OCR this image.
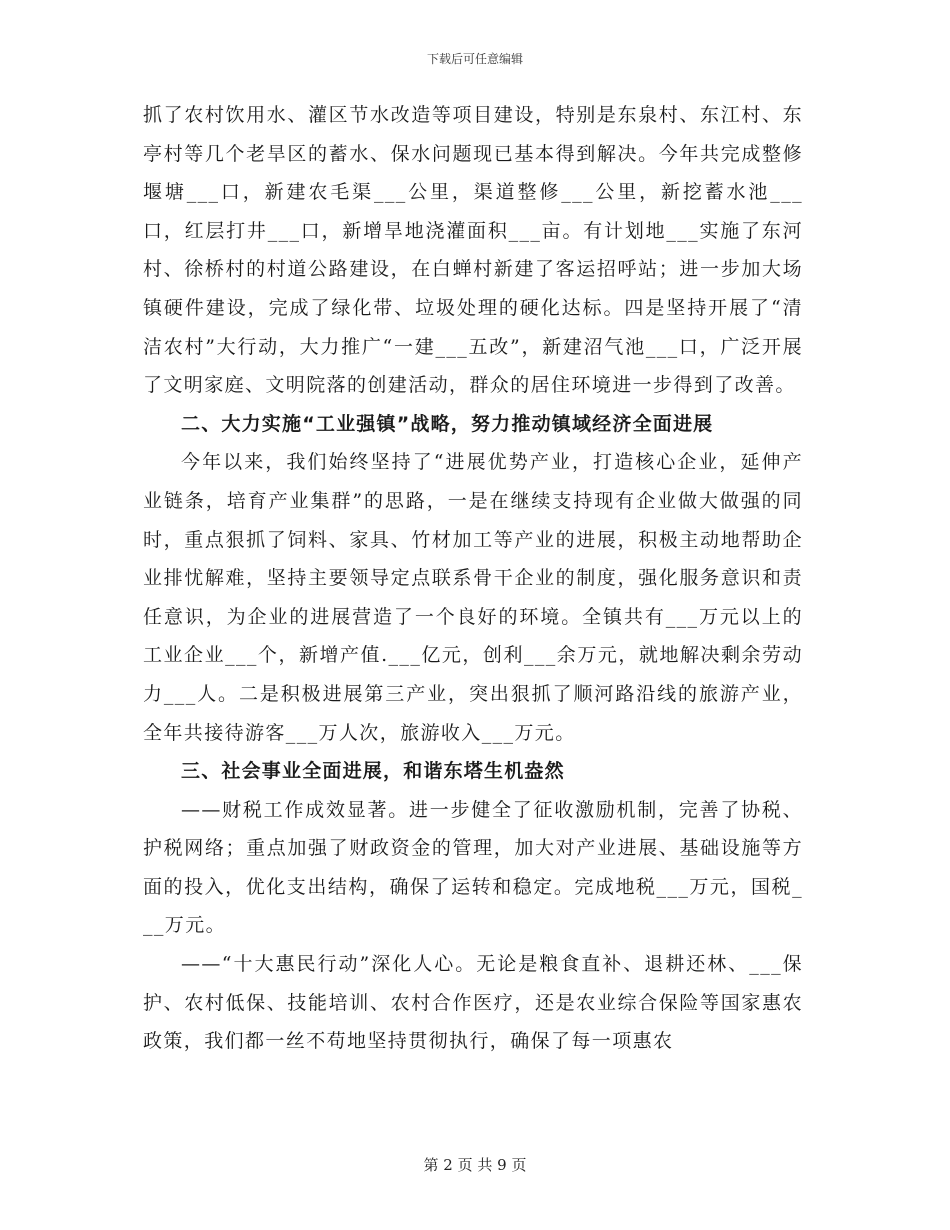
下载后可任意编辑

抓了农村饮用水、灌区节水改造等项目建设，特别是东泉村、东江村、东亭村等几个老旱区的蓄水、保水问题现已基本得到解决。今年共完成整修堰塘___口，新建农毛渠___公里，渠道整修___公里，新挖蓄水池___口，红层打井___口，新增旱地浇灌面积___亩。有计划地___实施了东河村、徐桥村的村道公路建设，在白蝉村新建了客运招呼站；进一步加大场镇硬件建设，完成了绿化带、垃圾处理的硬化达标。四是坚持开展了“清洁农村”大行动，大力推广“一建___五改”，新建沼气池___口，广泛开展了文明家庭、文明院落的创建活动，群众的居住环境进一步得到了改善。

二、大力实施“工业强镇”战略，努力推动镇域经济全面进展

今年以来，我们始终坚持了“进展优势产业，打造核心企业，延伸产业链条，培育产业集群”的思路，一是在继续支持现有企业做大做强的同时，重点狠抓了饲料、家具、竹材加工等产业的进展，积极主动地帮助企业排忧解难，坚持主要领导定点联系骨干企业的制度，强化服务意识和责任意识，为企业的进展营造了一个良好的环境。全镇共有___万元以上的工业企业___个，新增产值.___亿元，创利___余万元，就地解决剩余劳动力___人。二是积极进展第三产业，突出狠抓了顺河路沿线的旅游产业，全年共接待游客___万人次，旅游收入___万元。

三、社会事业全面进展，和谐东塔生机盎然

——财税工作成效显著。进一步健全了征收激励机制，完善了协税、护税网络；重点加强了财政资金的管理，加大对产业进展、基础设施等方面的投入，优化支出结构，确保了运转和稳定。完成地税___万元，国税___万元。

——“十大惠民行动”深化人心。无论是粮食直补、退耕还林、___保护、农村低保、技能培训、农村合作医疗，还是农业综合保险等国家惠农政策，我们都一丝不苟地坚持贯彻执行，确保了每一项惠农

第 2 页 共 9 页
